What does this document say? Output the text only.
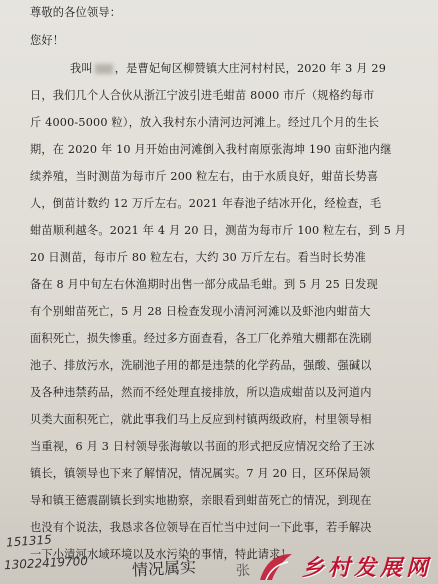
尊敬的各位领导：
您好！
我叫 ，是曹妃甸区柳赞镇大庄河村村民，2020 年 3 月 29
日，我们几个人合伙从浙江宁波引进毛蚶苗 8000 市斤（规格约每市
斤 4000-5000 粒），放入我村东小清河边河滩上。经过几个月的生长
期，在 2020 年 10 月开始由河滩倒入我村南原张海坤 190 亩虾池内继
续养殖，当时测苗为每市斤 200 粒左右，由于水质良好，蚶苗长势喜
人，倒苗计数约 12 万斤左右。2021 年春池子结冰开化，经检查，毛
蚶苗顺利越冬。2021 年 4 月 20 日，测苗为每市斤 100 粒左右，到 5 月
20 日测苗，每市斤 80 粒左右，大约 30 万斤左右。看当时长势准
备在 8 月中旬左右休渔期时出售一部分成品毛蚶。到 5 月 25 日发现
有个别蚶苗死亡，5 月 28 日检查发现小清河河滩以及虾池内蚶苗大
面积死亡，损失惨重。经过多方面查看，各工厂化养殖大棚都在洗刷
池子、排放污水，洗刷池子用的都是违禁的化学药品，强酸、强碱以
及各种违禁药品，然而不经处理直接排放，所以造成蚶苗以及河道内
贝类大面积死亡，就此事我们马上反应到村镇两级政府，村里领导相
当重视，6 月 3 日村领导张海敏以书面的形式把反应情况交给了王冰
镇长，镇领导也下来了解情况，情况属实。7 月 20 日，区环保局领
导和镇王德震副镇长到实地勘察，亲眼看到蚶苗死亡的情况，到现在
也没有个说法，我恳求各位领导在百忙当中过问一下此事，若手解决
一下小清河水域环境以及水污染的事情，特此请求！
151315
13022419700	情况属实	张 乡村发展网
